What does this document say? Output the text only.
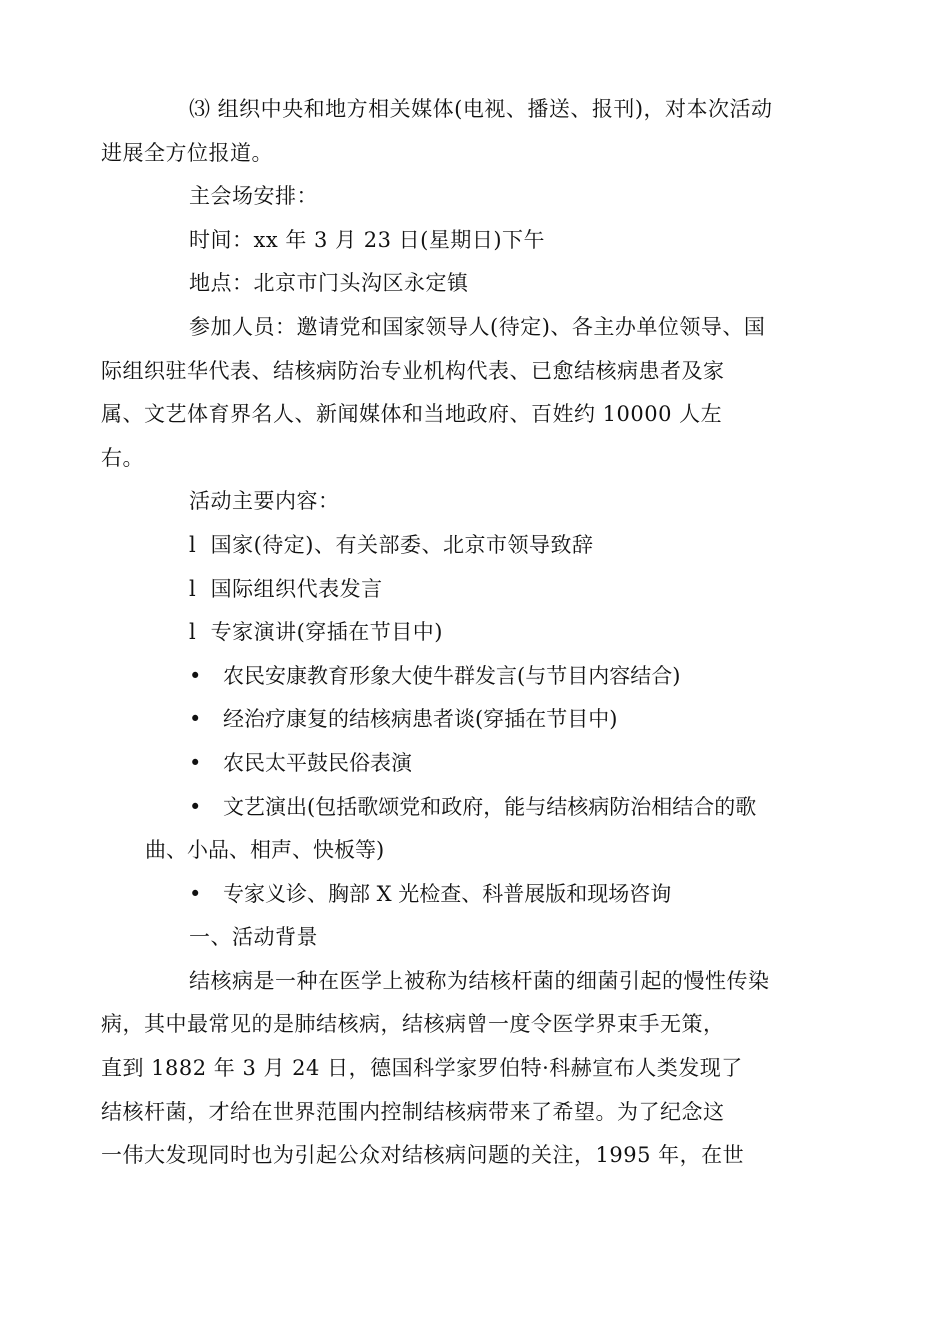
⑶ 组织中央和地方相关媒体(电视、播送、报刊)，对本次活动
进展全方位报道。

主会场安排：

时间：xx 年 3 月 23 日(星期日)下午

地点：北京市门头沟区永定镇

参加人员：邀请党和国家领导人(待定)、各主办单位领导、国
际组织驻华代表、结核病防治专业机构代表、已愈结核病患者及家
属、文艺体育界名人、新闻媒体和当地政府、百姓约 10000 人左
右。

活动主要内容：

l  国家(待定)、有关部委、北京市领导致辞

l  国际组织代表发言

l  专家演讲(穿插在节目中)

•	农民安康教育形象大使牛群发言(与节目内容结合)
•	经治疗康复的结核病患者谈(穿插在节目中)
•	农民太平鼓民俗表演
• 文艺演出(包括歌颂党和政府，能与结核病防治相结合的歌
曲、小品、相声、快板等)
•	专家义诊、胸部 X 光检查、科普展版和现场咨询

一、活动背景

结核病是一种在医学上被称为结核杆菌的细菌引起的慢性传染
病，其中最常见的是肺结核病，结核病曾一度令医学界束手无策，
直到 1882 年 3 月 24 日，德国科学家罗伯特·科赫宣布人类发现了
结核杆菌，才给在世界范围内控制结核病带来了希望。为了纪念这
一伟大发现同时也为引起公众对结核病问题的关注，1995 年，在世
